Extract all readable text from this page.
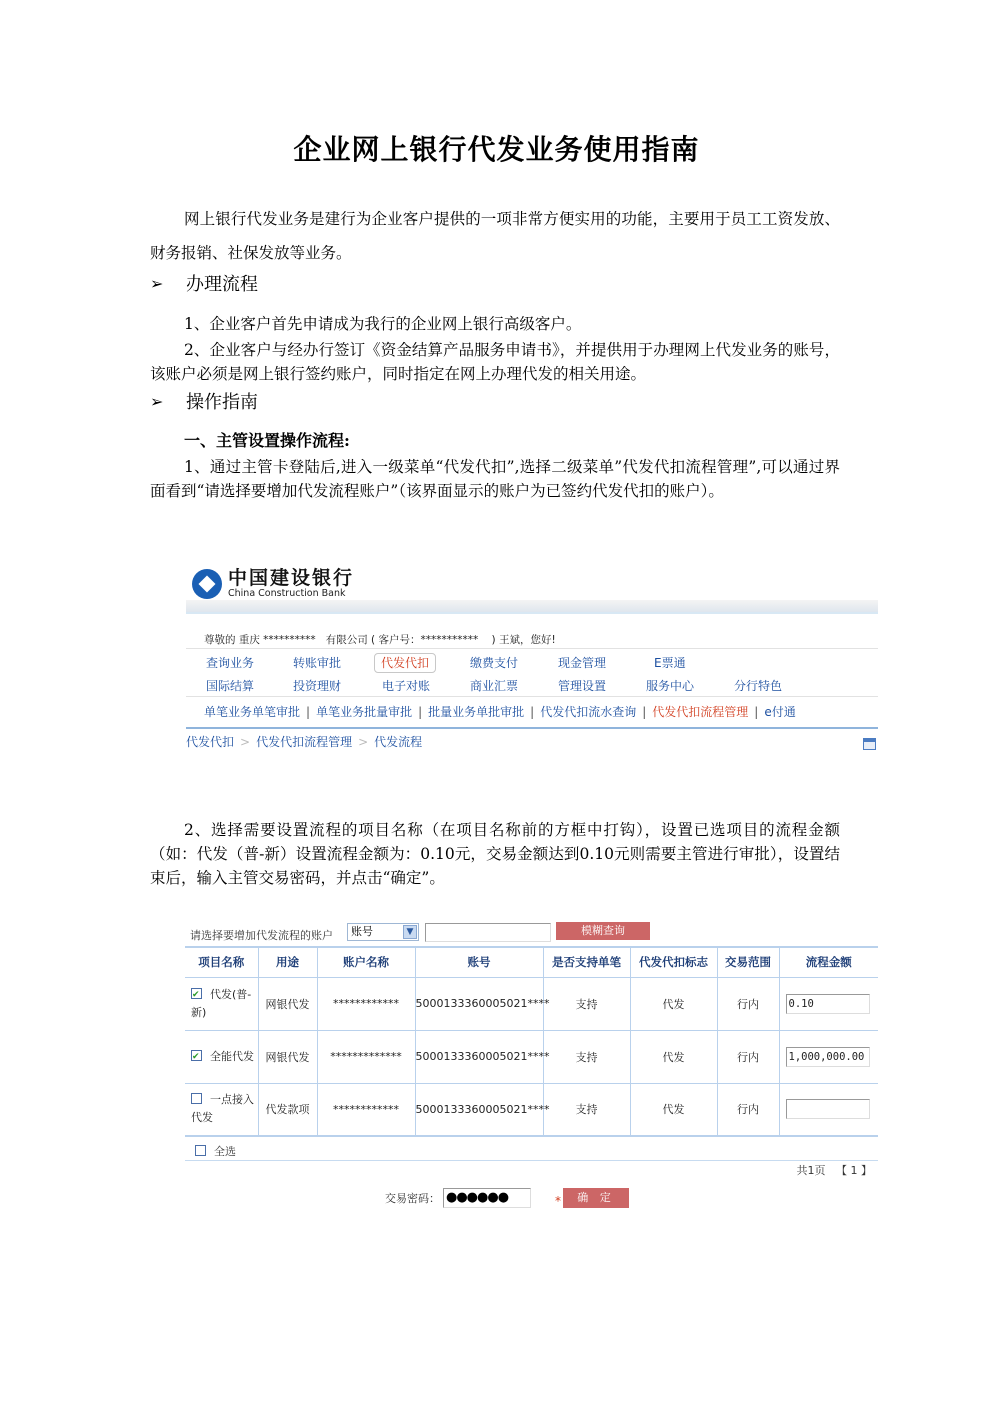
企业网上银行代发业务使用指南

网上银行代发业务是建行为企业客户提供的一项非常方便实用的功能，主要用于员工工资发放、财务报销、社保发放等业务。

➢	办理流程

1、企业客户首先申请成为我行的企业网上银行高级客户。

2、企业客户与经办行签订《资金结算产品服务申请书》，并提供用于办理网上代发业务的账号，该账户必须是网上银行签约账户，同时指定在网上办理代发的相关用途。

➢	操作指南
一、主管设置操作流程:

1、通过主管卡登陆后,进入一级菜单“代发代扣”,选择二级菜单”代发代扣流程管理”,可以通过界面看到“请选择要增加代发流程账户”（该界面显示的账户为已签约代发代扣的账户）。

中国建设银行
China Construction Bank
尊敬的 重庆 **********   有限公司 ( 客户号：***********    ) 王斌，您好!
查询业务	转账审批	代发代扣	缴费支付	现金管理	E票通
国际结算	投资理财	电子对账	商业汇票	管理设置	服务中心	分行特色
单笔业务单笔审批 | 单笔业务批量审批 | 批量业务单批审批 | 代发代扣流水查询 | 代发代扣流程管理 | e付通
代发代扣 > 代发代扣流程管理 > 代发流程

2、选择需要设置流程的项目名称（在项目名称前的方框中打钩），设置已选项目的流程金额（如：代发（普-新）设置流程金额为：0.10元，交易金额达到0.10元则需要主管进行审批），设置结束后，输入主管交易密码，并点击“确定”。

请选择要增加代发流程的账户	账号	▼	模糊查询
项目名称	用途	账户名称	账号	是否支持单笔	代发代扣标志	交易范围	流程金额
✔代发(普-新)	网银代发	************	5000133360005021****	支持	代发	行内	0.10

✔全能代发	网银代发	*************	5000133360005021****	支持	代发	行内	1,000,000.00

一点接入代发	代发款项	************	5000133360005021****	支持	代发	行内	
全选
共1页   【 1 】
交易密码： ●●●●●●	*	确 定
